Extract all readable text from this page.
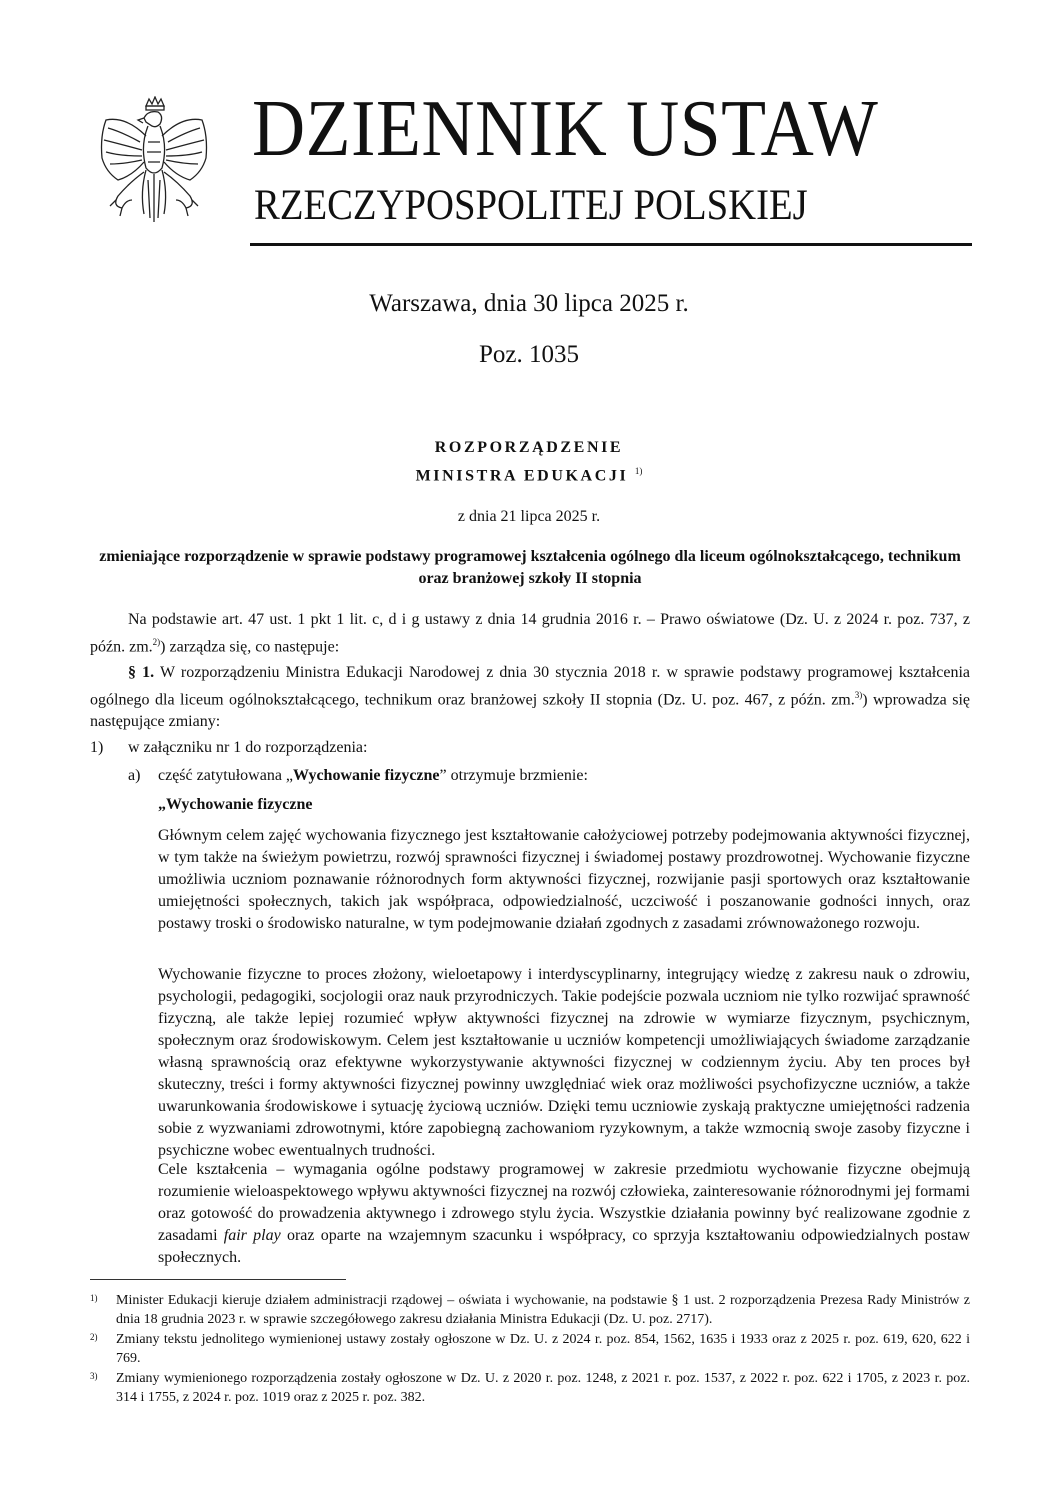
DZIENNIK USTAW
RZECZYPOSPOLITEJ POLSKIEJ
Warszawa, dnia 30 lipca 2025 r.
Poz. 1035
ROZPORZĄDZENIE
MINISTRA EDUKACJI $^{1)}$
z dnia 21 lipca 2025 r.
zmieniające rozporządzenie w sprawie podstawy programowej kształcenia ogólnego dla liceum ogólnokształcącego, technikum oraz branżowej szkoły II stopnia
Na podstawie art. 47 ust. 1 pkt 1 lit. c, d i g ustawy z dnia 14 grudnia 2016 r. – Prawo oświatowe (Dz. U. z 2024 r. poz. 737, z późn. zm.$^{2)}$) zarządza się, co następuje:
§ 1. W rozporządzeniu Ministra Edukacji Narodowej z dnia 30 stycznia 2018 r. w sprawie podstawy programowej kształcenia ogólnego dla liceum ogólnokształcącego, technikum oraz branżowej szkoły II stopnia (Dz. U. poz. 467, z późn. zm.$^{3)}$) wprowadza się następujące zmiany:
1) w załączniku nr 1 do rozporządzenia:
a) część zatytułowana „Wychowanie fizyczne” otrzymuje brzmienie:
„Wychowanie fizyczne
Głównym celem zajęć wychowania fizycznego jest kształtowanie całożyciowej potrzeby podejmowania aktywności fizycznej, w tym także na świeżym powietrzu, rozwój sprawności fizycznej i świadomej postawy prozdrowotnej. Wychowanie fizyczne umożliwia uczniom poznawanie różnorodnych form aktywności fizycznej, rozwijanie pasji sportowych oraz kształtowanie umiejętności społecznych, takich jak współpraca, odpowiedzialność, uczciwość i poszanowanie godności innych, oraz postawy troski o środowisko naturalne, w tym podejmowanie działań zgodnych z zasadami zrównoważonego rozwoju.
Wychowanie fizyczne to proces złożony, wieloetapowy i interdyscyplinarny, integrujący wiedzę z zakresu nauk o zdrowiu, psychologii, pedagogiki, socjologii oraz nauk przyrodniczych. Takie podejście pozwala uczniom nie tylko rozwijać sprawność fizyczną, ale także lepiej rozumieć wpływ aktywności fizycznej na zdrowie w wymiarze fizycznym, psychicznym, społecznym oraz środowiskowym. Celem jest kształtowanie u uczniów kompetencji umożliwiających świadome zarządzanie własną sprawnością oraz efektywne wykorzystywanie aktywności fizycznej w codziennym życiu. Aby ten proces był skuteczny, treści i formy aktywności fizycznej powinny uwzględniać wiek oraz możliwości psychofizyczne uczniów, a także uwarunkowania środowiskowe i sytuację życiową uczniów. Dzięki temu uczniowie zyskają praktyczne umiejętności radzenia sobie z wyzwaniami zdrowotnymi, które zapobiegną zachowaniom ryzykownym, a także wzmocnią swoje zasoby fizyczne i psychiczne wobec ewentualnych trudności.
Cele kształcenia – wymagania ogólne podstawy programowej w zakresie przedmiotu wychowanie fizyczne obejmują rozumienie wieloaspektowego wpływu aktywności fizycznej na rozwój człowieka, zainteresowanie różnorodnymi jej formami oraz gotowość do prowadzenia aktywnego i zdrowego stylu życia. Wszystkie działania powinny być realizowane zgodnie z zasadami fair play oraz oparte na wzajemnym szacunku i współpracy, co sprzyja kształtowaniu odpowiedzialnych postaw społecznych.
1) Minister Edukacji kieruje działem administracji rządowej – oświata i wychowanie, na podstawie § 1 ust. 2 rozporządzenia Prezesa Rady Ministrów z dnia 18 grudnia 2023 r. w sprawie szczegółowego zakresu działania Ministra Edukacji (Dz. U. poz. 2717).
2) Zmiany tekstu jednolitego wymienionej ustawy zostały ogłoszone w Dz. U. z 2024 r. poz. 854, 1562, 1635 i 1933 oraz z 2025 r. poz. 619, 620, 622 i 769.
3) Zmiany wymienionego rozporządzenia zostały ogłoszone w Dz. U. z 2020 r. poz. 1248, z 2021 r. poz. 1537, z 2022 r. poz. 622 i 1705, z 2023 r. poz. 314 i 1755, z 2024 r. poz. 1019 oraz z 2025 r. poz. 382.
